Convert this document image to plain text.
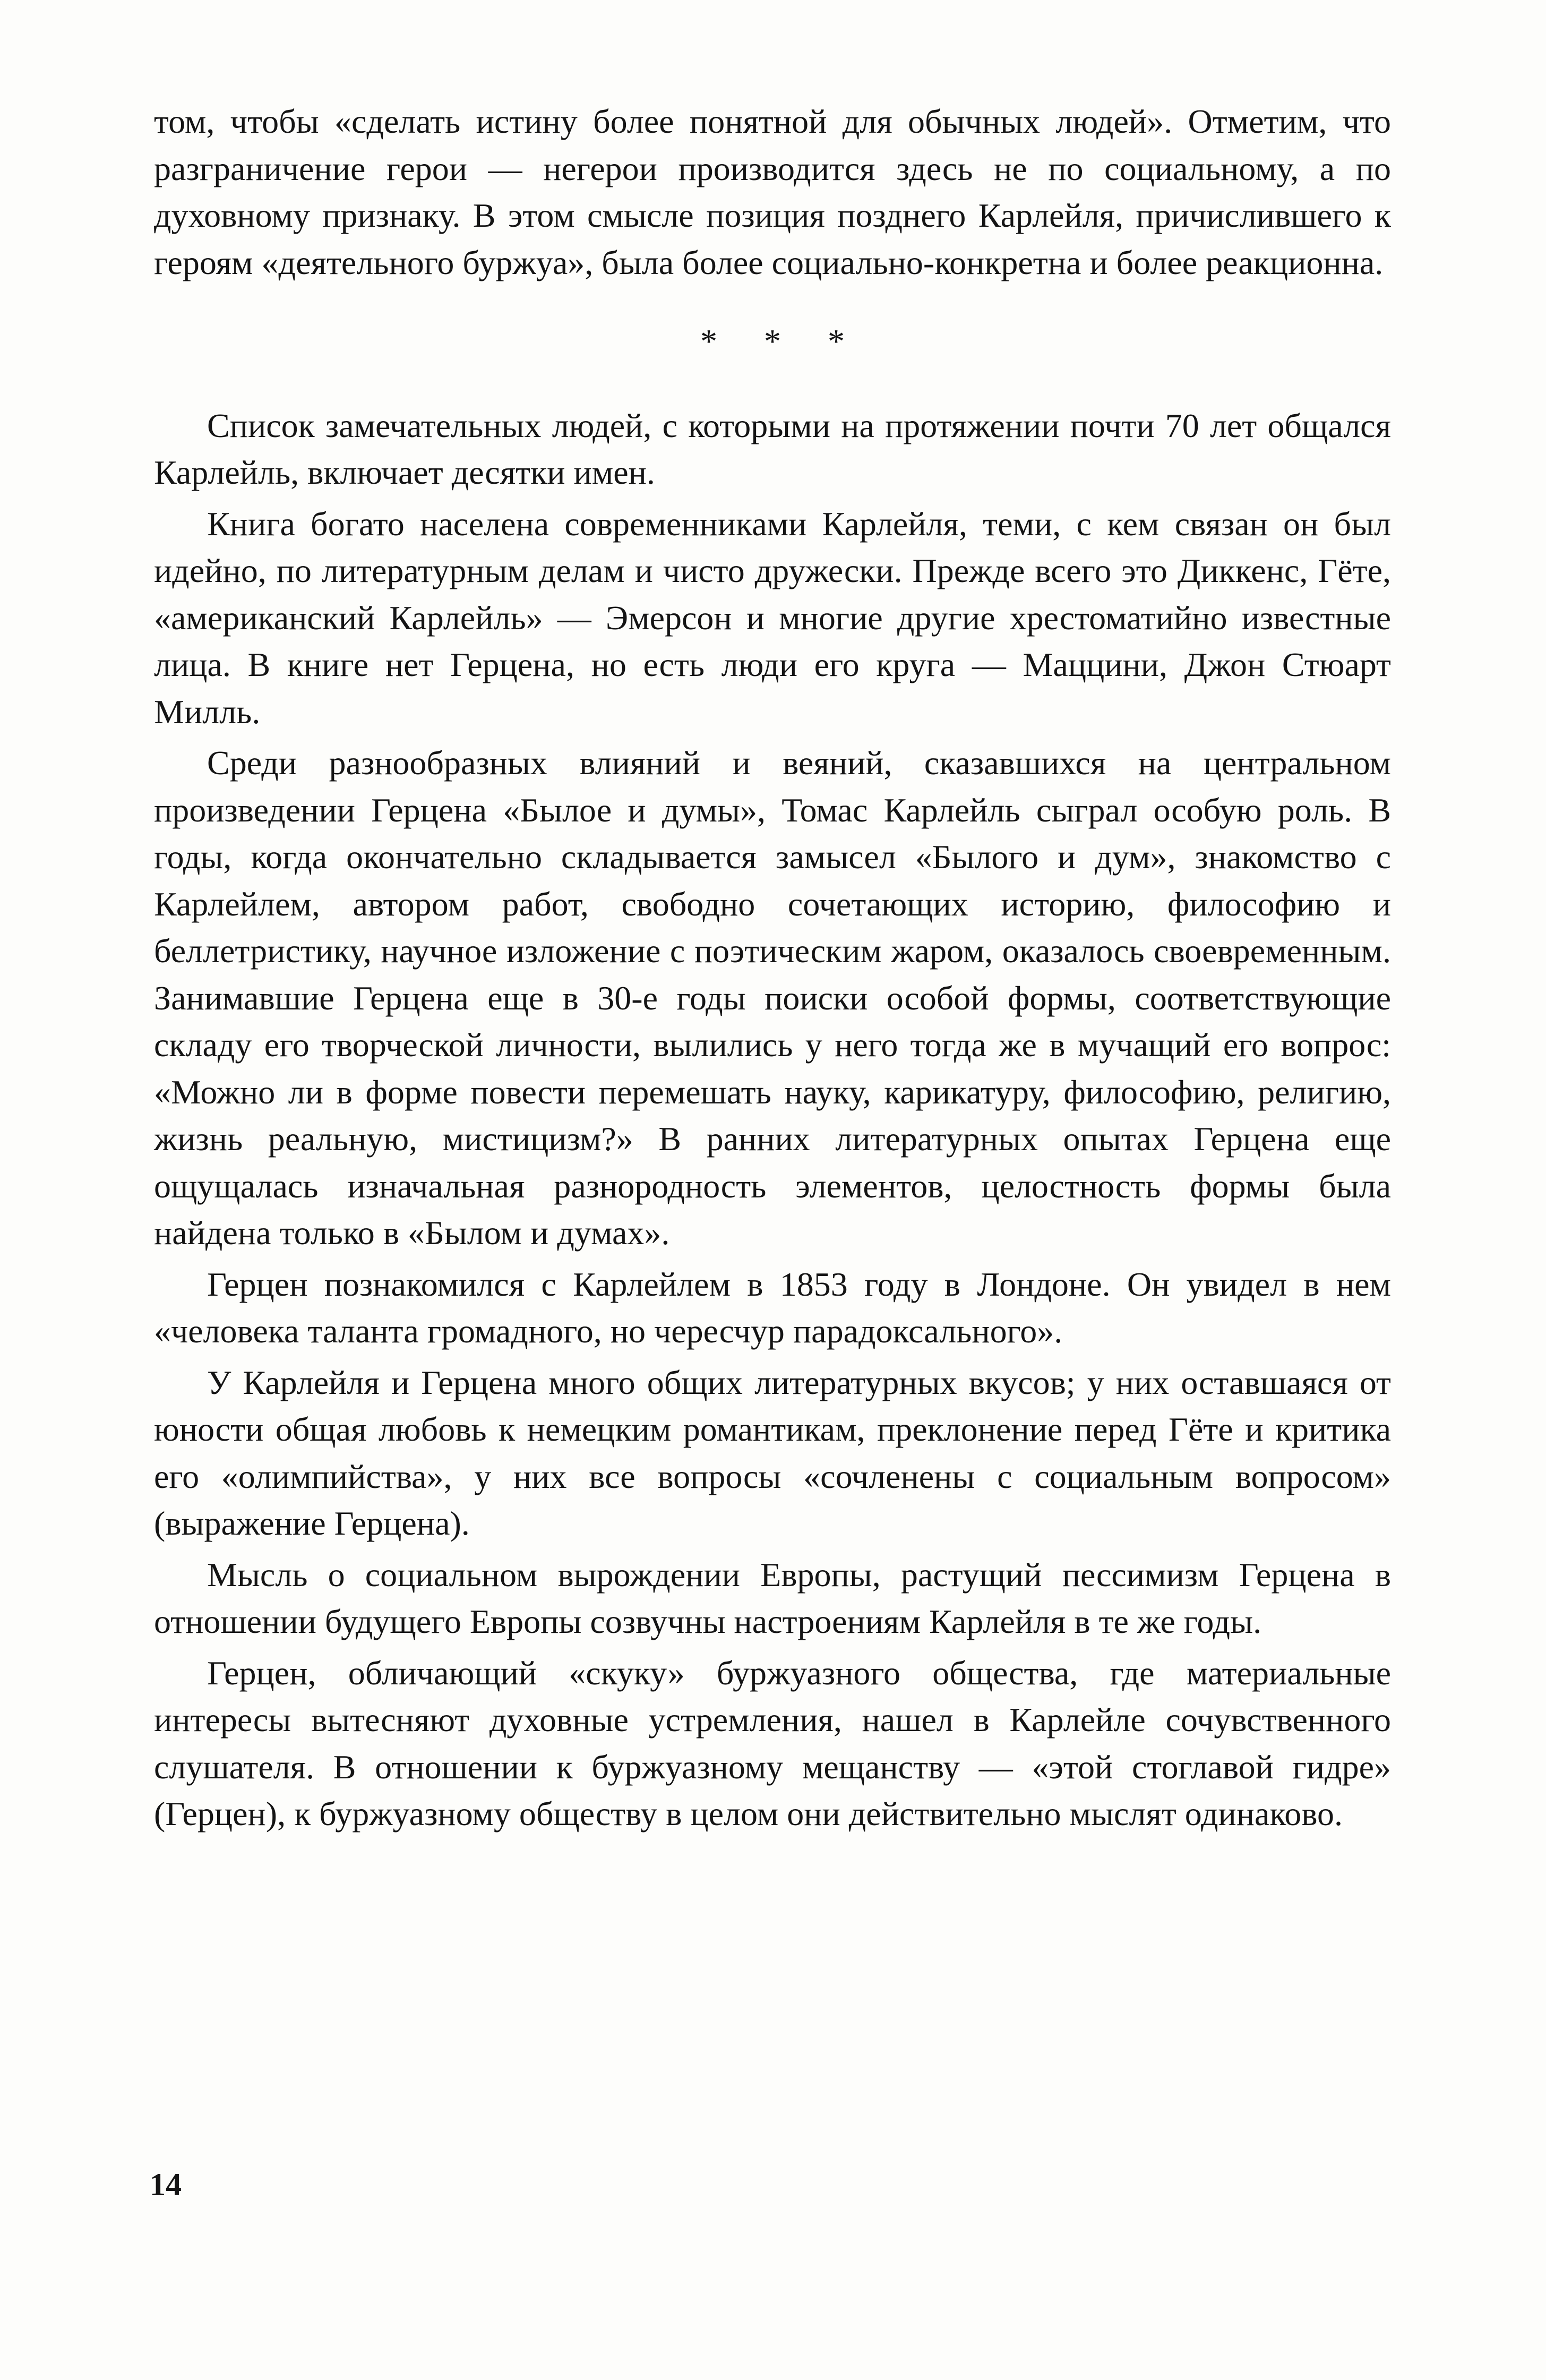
том, чтобы «сделать истину более понятной для обычных людей». Отметим, что разграничение герои — негерои производится здесь не по социальному, а по духовному признаку. В этом смысле позиция позднего Карлейля, причислившего к героям «деятельного буржуа», была более социально-конкретна и более реакционна.

* * *

Список замечательных людей, с которыми на протяжении почти 70 лет общался Карлейль, включает десятки имен.

Книга богато населена современниками Карлейля, теми, с кем связан он был идейно, по литературным делам и чисто дружески. Прежде всего это Диккенс, Гёте, «американский Карлейль» — Эмерсон и многие другие хрестоматийно известные лица. В книге нет Герцена, но есть люди его круга — Маццини, Джон Стюарт Милль.

Среди разнообразных влияний и веяний, сказавшихся на центральном произведении Герцена «Былое и думы», Томас Карлейль сыграл особую роль. В годы, когда окончательно складывается замысел «Былого и дум», знакомство с Карлейлем, автором работ, свободно сочетающих историю, философию и беллетристику, научное изложение с поэтическим жаром, оказалось своевременным. Занимавшие Герцена еще в 30-е годы поиски особой формы, соответствующие складу его творческой личности, вылились у него тогда же в мучащий его вопрос: «Можно ли в форме повести перемешать науку, карикатуру, философию, религию, жизнь реальную, мистицизм?» В ранних литературных опытах Герцена еще ощущалась изначальная разнородность элементов, целостность формы была найдена только в «Былом и думах».

Герцен познакомился с Карлейлем в 1853 году в Лондоне. Он увидел в нем «человека таланта громадного, но чересчур парадоксального».

У Карлейля и Герцена много общих литературных вкусов; у них оставшаяся от юности общая любовь к немецким романтикам, преклонение перед Гёте и критика его «олимпийства», у них все вопросы «сочленены с социальным вопросом» (выражение Герцена).

Мысль о социальном вырождении Европы, растущий пессимизм Герцена в отношении будущего Европы созвучны настроениям Карлейля в те же годы.

Герцен, обличающий «скуку» буржуазного общества, где материальные интересы вытесняют духовные устремления, нашел в Карлейле сочувственного слушателя. В отношении к буржуазному мещанству — «этой стоглавой гидре» (Герцен), к буржуазному обществу в целом они действительно мыслят одинаково.

14
